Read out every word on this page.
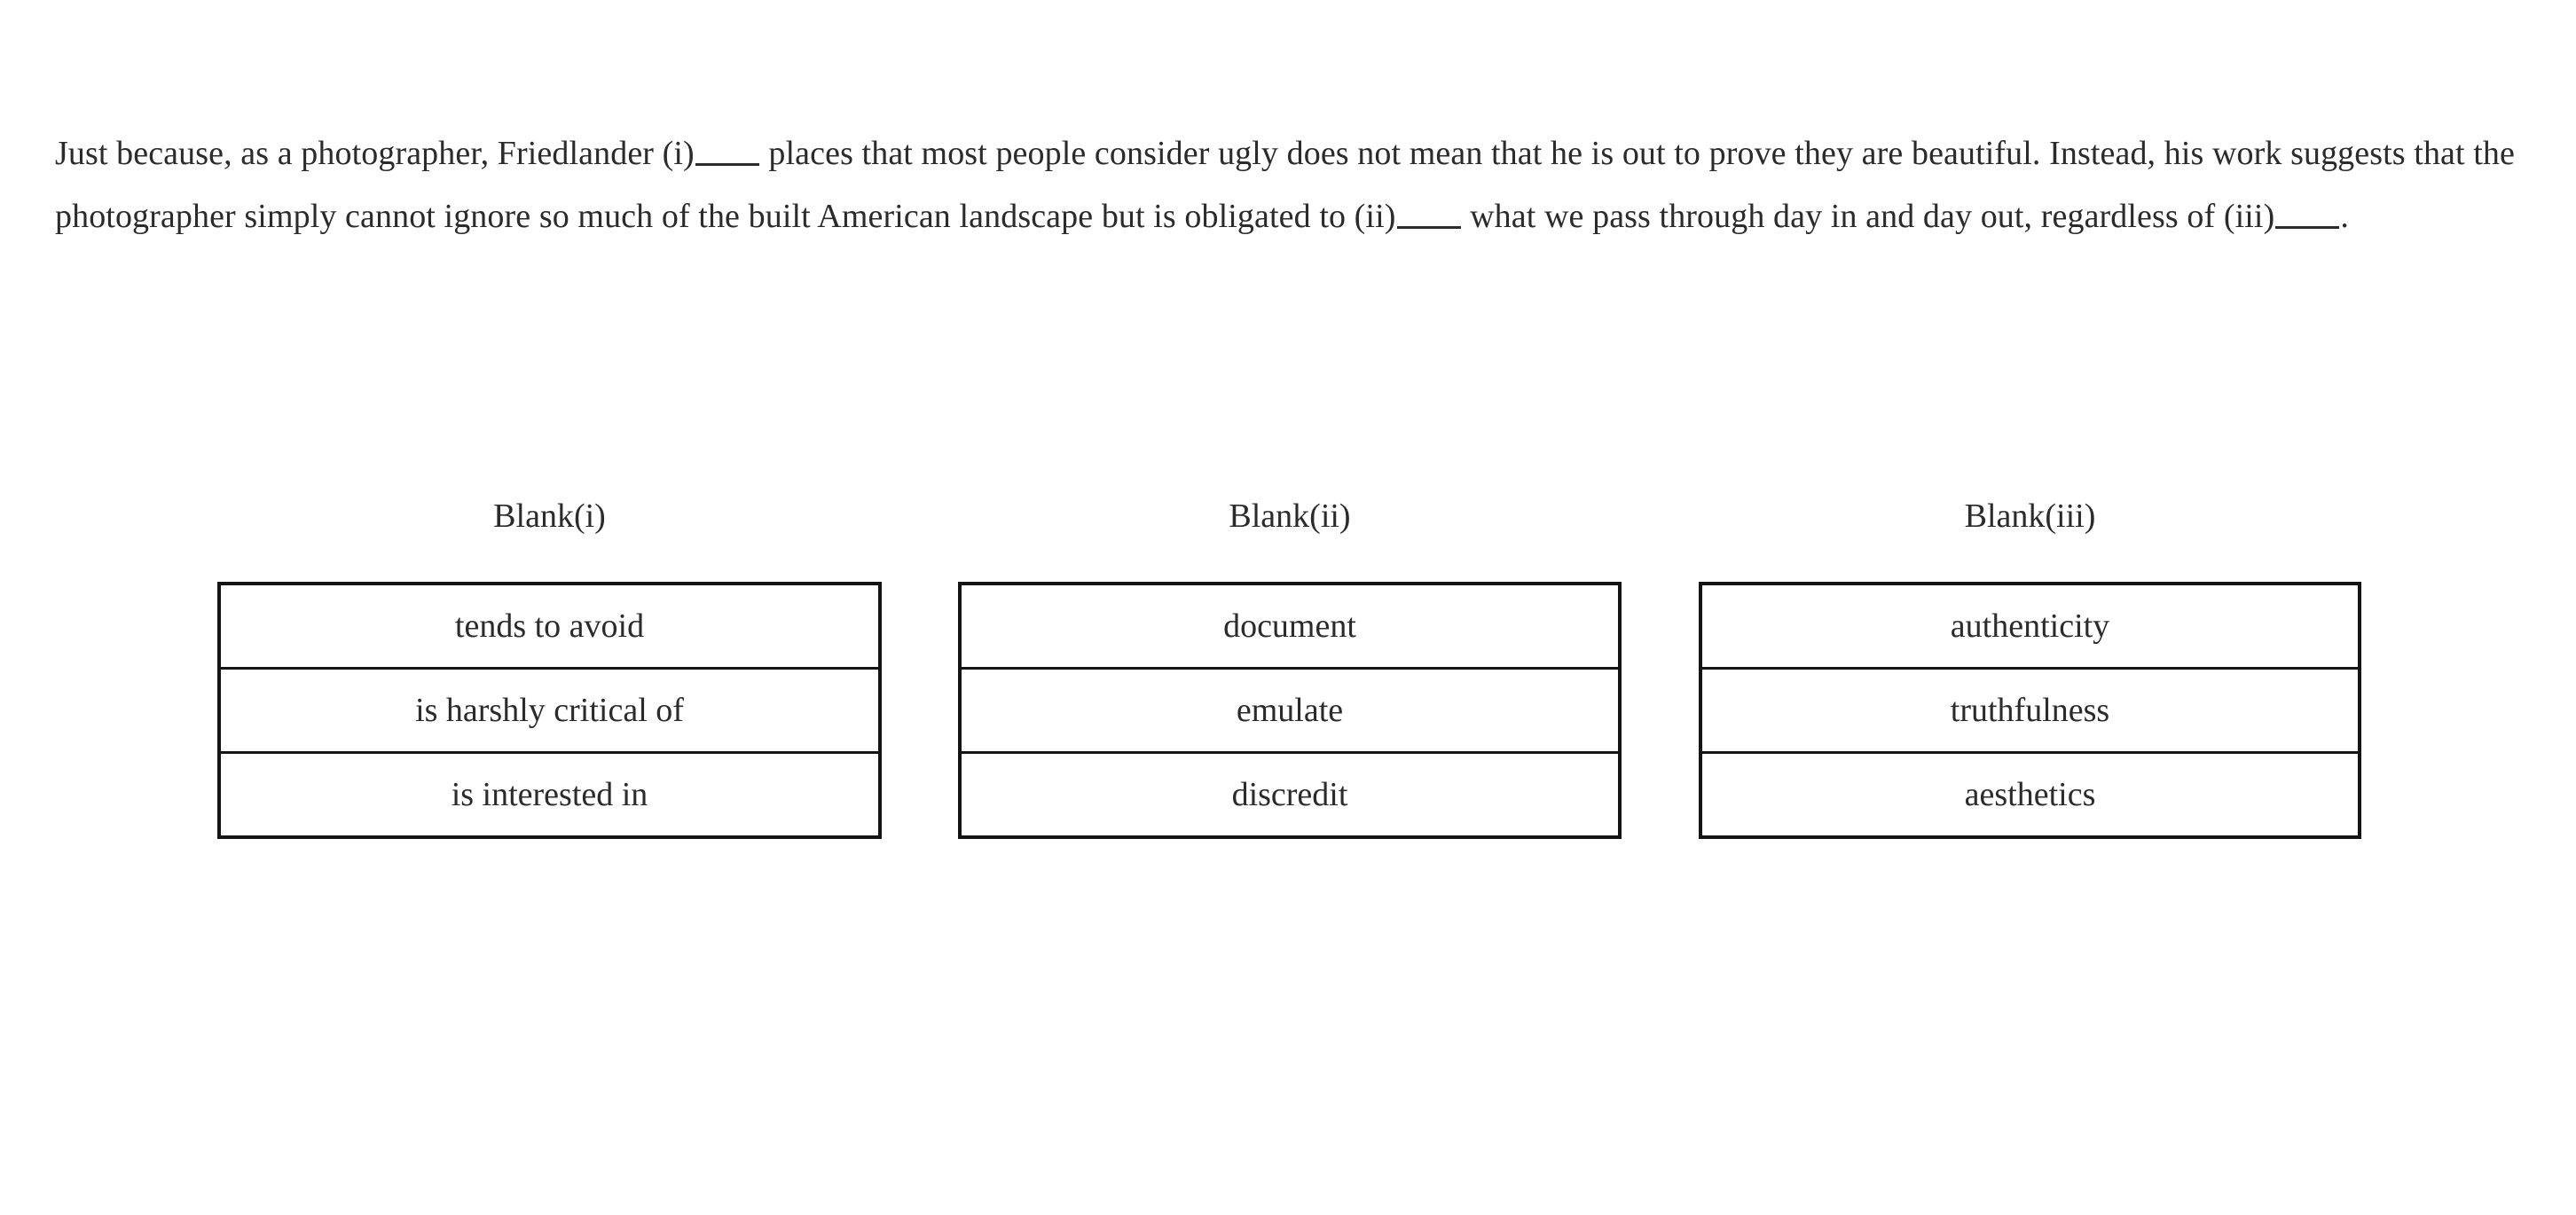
Just because, as a photographer, Friedlander (i) places that most people consider ugly does not mean that he is out to prove they are beautiful. Instead, his work suggests that the photographer simply cannot ignore so much of the built American landscape but is obligated to (ii) what we pass through day in and day out, regardless of (iii) .

Blank(i)
tends to avoid
is harshly critical of
is interested in
Blank(ii)
document
emulate
discredit
Blank(iii)
authenticity
truthfulness
aesthetics
